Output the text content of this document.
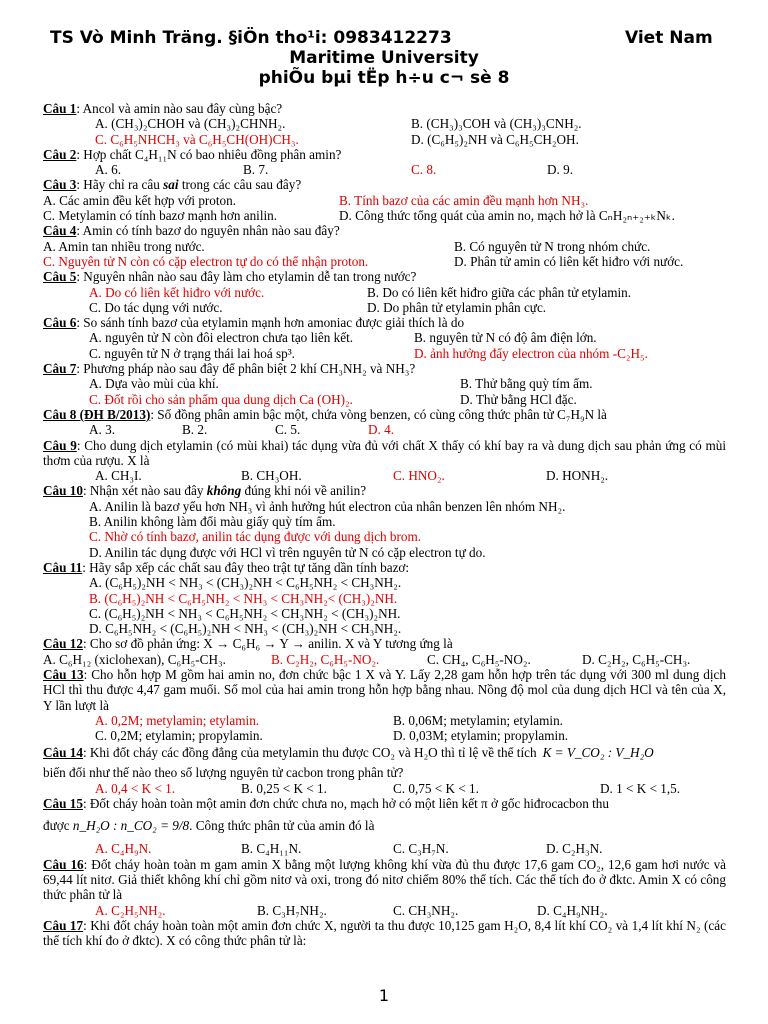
TS Vò Minh Träng. §iÖn tho¹i: 0983412273	Viet Nam
Maritime University
phiÕu bµi tËp h÷u c¬ sè 8
Câu 1: Ancol và amin nào sau đây cùng bậc?
A. (CH₃)₂CHOH và (CH₃)₂CHNH₂.	B. (CH₃)₃COH và (CH₃)₃CNH₂.
C. C₆H₅NHCH₃ và C₆H₅CH(OH)CH₃.	D. (C₆H₅)₂NH và C₆H₅CH₂OH.
Câu 2: Hợp chất C₄H₁₁N có bao nhiêu đồng phân amin?
A. 6.	B. 7.	C. 8.	D. 9.
Câu 3: Hãy chỉ ra câu sai trong các câu sau đây?
A. Các amin đều kết hợp với proton.	B. Tính bazơ của các amin đều mạnh hơn NH₃.
C. Metylamin có tính bazơ mạnh hơn anilin.	D. Công thức tổng quát của amin no, mạch hở là CₙH₂ₙ₊₂₊ₖNₖ.
Câu 4: Amin có tính bazơ do nguyên nhân nào sau đây?
A. Amin tan nhiều trong nước.	B. Có nguyên tử N trong nhóm chức.
C. Nguyên tử N còn có cặp electron tự do có thể nhận proton.	D. Phân tử amin có liên kết hiđro với nước.
Câu 5: Nguyên nhân nào sau đây làm cho etylamin dễ tan trong nước?
A. Do có liên kết hiđro với nước.	B. Do có liên kết hiđro giữa các phân tử etylamin.
C. Do tác dụng với nước.	D. Do phân tử etylamin phân cực.
Câu 6: So sánh tính bazơ của etylamin mạnh hơn amoniac được giải thích là do
A. nguyên tử N còn đôi electron chưa tạo liên kết.	B. nguyên tử N có độ âm điện lớn.
C. nguyên tử N ở trạng thái lai hoá sp³.	D. ảnh hưởng đẩy electron của nhóm -C₂H₅.
Câu 7: Phương pháp nào sau đây để phân biệt 2 khí CH₃NH₂ và NH₃?
A. Dựa vào mùi của khí.	B. Thử bằng quỳ tím ẩm.
C. Đốt rồi cho sản phẩm qua dung dịch Ca (OH)₂.	D. Thử bằng HCl đặc.
Câu 8 (ĐH B/2013): Số đồng phân amin bậc một, chứa vòng benzen, có cùng công thức phân tử C₇H₉N là
A. 3.	B. 2.	C. 5.	D. 4.
Câu 9: Cho dung dịch etylamin (có mùi khai) tác dụng vừa đủ với chất X thấy có khí bay ra và dung dịch sau phản ứng có mùi thơm của rượu. X là
A. CH₃I.	B. CH₃OH.	C. HNO₂.	D. HONH₂.
Câu 10: Nhận xét nào sau đây không đúng khi nói về anilin?
A. Anilin là bazơ yếu hơn NH₃ vì ảnh hưởng hút electron của nhân benzen lên nhóm NH₂.
B. Anilin không làm đổi màu giấy quỳ tím ẩm.
C. Nhờ có tính bazơ, anilin tác dụng được với dung dịch brom.
D. Anilin tác dụng được với HCl vì trên nguyên tử N có cặp electron tự do.
Câu 11: Hãy sắp xếp các chất sau đây theo trật tự tăng dần tính bazơ:
A. (C₆H₅)₂NH < NH₃ < (CH₃)₂NH < C₆H₅NH₂ < CH₃NH₂.
B. (C₆H₅)₂NH < C₆H₅NH₂ < NH₃ < CH₃NH₂< (CH₃)₂NH.
C. (C₆H₅)₂NH < NH₃ < C₆H₅NH₂ < CH₃NH₂ < (CH₃)₂NH.
D. C₆H₅NH₂ < (C₆H₅)₂NH < NH₃ < (CH₃)₂NH < CH₃NH₂.
Câu 12: Cho sơ đồ phản ứng: X → C₆H₆ → Y → anilin. X và Y tương ứng là
A. C₆H₁₂ (xiclohexan), C₆H₅-CH₃.	B. C₂H₂, C₆H₅-NO₂.	C. CH₄, C₆H₅-NO₂.	D. C₂H₂, C₆H₅-CH₃.
Câu 13: Cho hỗn hợp M gồm hai amin no, đơn chức bậc 1 X và Y. Lấy 2,28 gam hỗn hợp trên tác dụng với 300 ml dung dịch HCl thì thu được 4,47 gam muối. Số mol của hai amin trong hỗn hợp bằng nhau. Nồng độ mol của dung dịch HCl và tên của X, Y lần lượt là
A. 0,2M; metylamin; etylamin.	B. 0,06M; metylamin; etylamin.
C. 0,2M; etylamin; propylamin.	D. 0,03M; etylamin; propylamin.
Câu 14: Khi đốt cháy các đồng đẳng của metylamin thu được CO₂ và H₂O thì tỉ lệ về thể tích K = V_CO₂ : V_H₂O
biến đổi như thế nào theo số lượng nguyên tử cacbon trong phân tử?
A. 0,4 < K < 1.	B. 0,25 < K < 1.	C. 0,75 < K < 1.	D. 1 < K < 1,5.
Câu 15: Đốt cháy hoàn toàn một amin đơn chức chưa no, mạch hở có một liên kết π ở gốc hiđrocacbon thu
được n_H₂O : n_CO₂ = 9/8. Công thức phân tử của amin đó là
A. C₄H₉N.	B. C₄H₁₁N.	C. C₃H₇N.	D. C₂H₃N.
Câu 16: Đốt cháy hoàn toàn m gam amin X bằng một lượng không khí vừa đủ thu được 17,6 gam CO₂, 12,6 gam hơi nước và 69,44 lít nitơ. Giả thiết không khí chỉ gồm nitơ và oxi, trong đó nitơ chiếm 80% thể tích. Các thể tích đo ở đktc. Amin X có công thức phân tử là
A. C₂H₅NH₂.	B. C₃H₇NH₂.	C. CH₃NH₂.	D. C₄H₉NH₂.
Câu 17: Khi đốt cháy hoàn toàn một amin đơn chức X, người ta thu được 10,125 gam H₂O, 8,4 lít khí CO₂ và 1,4 lít khí N₂ (các thể tích khí đo ở đktc). X có công thức phân tử là:
1
